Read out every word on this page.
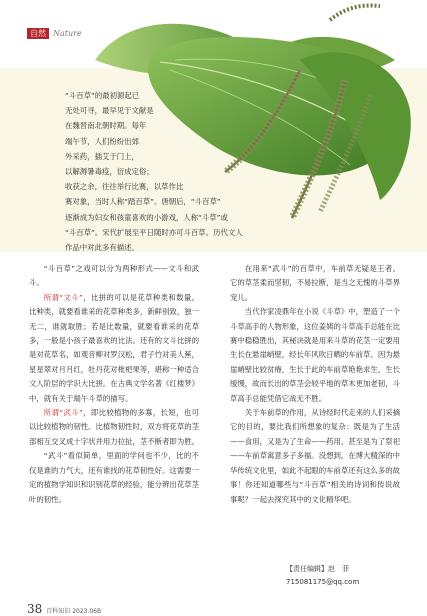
自然 Nature

“斗百草”的最初源起已

无处可寻，最早见于文献是

在魏晋南北朝时期。每年

端午节，人们纷纷出郊

外采药，插艾于门上，

以解溽暑毒疫，衍成定俗；

收获之余，往往举行比赛，以草作比

赛对象，当时人称“踏百草”。唐朝后，“斗百草”

逐渐成为妇女和孩童喜欢的小游戏，人称“斗草”或

“斗百草”。宋代扩展至平日随时亦可斗百草。历代文人

作品中对此多有描述。

“斗百草”之戏可以分为两种形式——文斗和武斗。

所谓“文斗”，比拼的可以是花草种类和数量。比种类，就要看谁采的花草种类多，新鲜别致，独一无二，谁就取胜；若是比数量，就要看谁采的花草多，一般是小孩子最喜欢的比法。还有的文斗比拼的是对花草名，如观音柳对罗汉松，君子竹对美人蕉，星星翠对月月红，牡丹花对枇杷果等，堪称一种适合文人阶层的学识大比拼。在古典文学名著《红楼梦》中，就有关于端午斗草的描写。

所谓“武斗”，即比较植物的多寡，长短，也可以比较植物的韧性。比植物韧性时，双方将花草的茎部相互交叉成十字状并用力拉扯，茎不断者即为胜。

“武斗”看似简单，里面的学问也不少，比的不仅是谁的力气大，还有谁找的花草韧性好。这需要一定的植物学知识和识别花草的经验，能分辨出花草茎叶的韧性。

在用来“武斗”的百草中，车前草无疑是王者。它的草茎柔而坚韧，不易拉断，是当之无愧的斗草界宠儿。

当代作家凌鼎年在小说《斗草》中，塑造了一个斗草高手的人物形象，这位姜姨的斗草高手总能在比赛中稳稳胜出，其秘诀就是用来斗草的花茎一定要用生长在悬崖峭壁，经长年风吹日晒的车前草。因为悬崖峭壁比较贫瘠，生长于此的车前草艳艳求生，生长缓慢，故而长出的草茎会较平地的草木更加老韧，斗草高手总能凭借它战无不胜。

关于车前草的作用，从诗经时代走来的人们采摘它的目的，要比我们所想象的复杂：既是为了生活——食用，又是为了生命——药用，甚至是为了祭祀——车前草寓意多子多福。没想到，在博大精深的中华传统文化里，如此不起眼的车前草还有这么多的故事！你还知道哪些与“斗百草”相关的诗词和传说故事呢？一起去探究其中的文化精华吧。

【责任编辑】赵　菲
715081175@qq.com
38 百科知识 2023.06B
